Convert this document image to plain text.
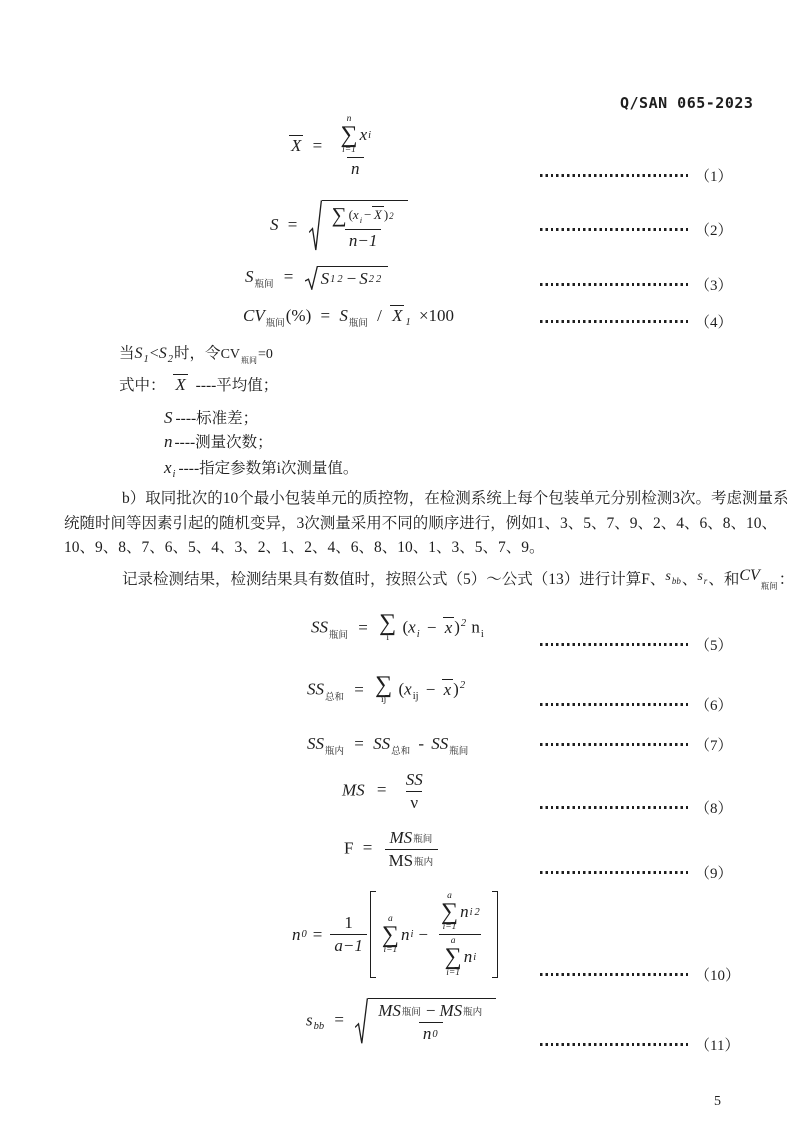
Q/SAN 065-2023
X = n
∑
i=1
x i
n	（1）
S = ∑ (xi− X ) 2
n−1	（2）
S瓶间 = S 1 2 − S 2 2	（3）
CV瓶间(%) = S瓶间 / X 1 ×100	（4）
当S1<S2时，令CV瓶间=0
式中： X ----平均值；
S ----标准差；
n ----测量次数；
xi ----指定参数第i次测量值。
b）取同批次的10个最小包装单元的质控物，在检测系统上每个包装单元分别检测3次。考虑测量系
统随时间等因素引起的随机变异，3次测量采用不同的顺序进行，例如1、3、5、7、9、2、4、6、8、10、
10、9、8、7、6、5、4、3、2、1、2、4、6、8、10、1、3、5、7、9。
记录检测结果，检测结果具有数值时，按照公式（5）～公式（13）进行计算F、sbb、sr、和CV瓶间：
SS瓶间 = ∑
i
(xi − x )2 ni
（5）
SS总和 = ∑
ij
(xij − x )2
（6）
SS瓶内 = SS总和 - SS瓶间	（7）
MS = $\frac{SS}{\nu}$	（8）
$F = \frac{\text{MS 瓶间}}{\text{MS 瓶内}}$
（9）
n $0 = \frac{1}{a-1}$ a
∑
i=1
n i −
a
∑
i=1
n i 2
a
∑
i=1
n i
（10）
sbb = $\frac{\text{MS 瓶间 − MS 瓶内}}{n 0}$
（11）
5
